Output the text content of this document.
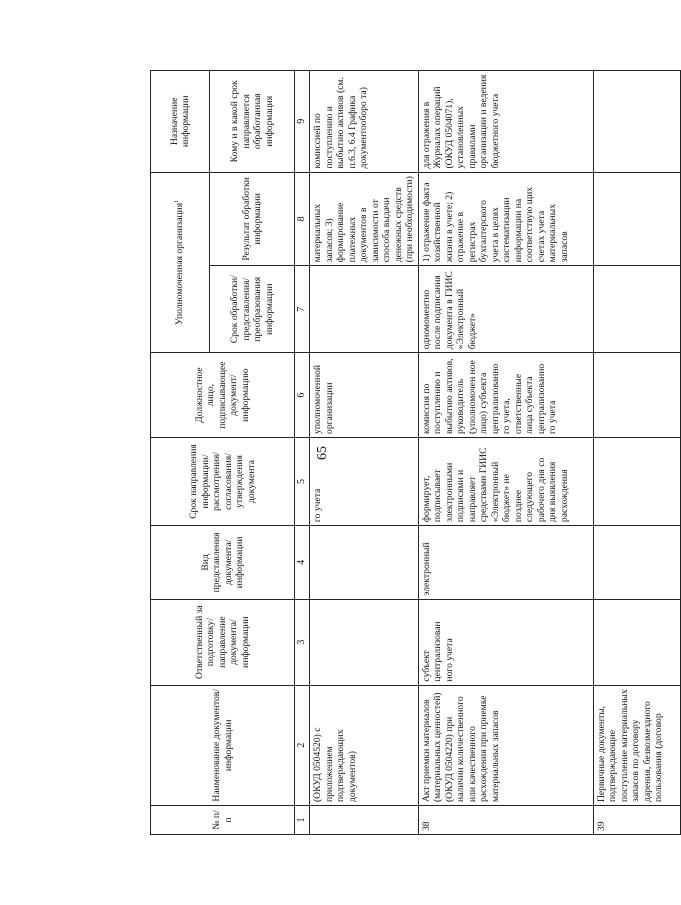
65
№ п/п	Наименование документов/ информации	Ответственный за подготовку/ направление документа/ информации	Вид представления документа/ информации	Срок направления информации/ рассмотрения/ согласования/ утверждения документа	Должностное лицо, подписывающее документ/ информацию	Уполномоченная организация$^1$		Назначение информации
						Срок обработки/ представления/ преобразования информации	Результат обработки информации	Кому и в какой срок направляется обработанная информация
1	2	3	4	5	6	7	8	9
	(ОКУД 0504520) с приложением подтверждающих документов)			го учета	уполномоченной организации		материальных запасов; 3) формирование платежных документов в зависимости от способа выдачи денежных средств (при необходимости)	комиссией по поступлению и выбытию активов (см. п.6.3, 6.4 Графика документооборо та)
38	Акт приемки материалов (материальных ценностей) (ОКУД 0504220) при наличии количественного или качественного расхождения при приемке материальных запасов	субъект централизован ного учета	электронный	формирует, подписывает электронными подписями и направляет средствами ГИИС «Электронный бюджет» не позднее следующего рабочего дня со дня выявления расхождения	комиссия по поступлению и выбытию активов, руководитель (уполномочен ное лицо) субъекта централизованно го учета, ответственные лица субъекта централизованно го учета	одномоментно после подписания документа в ГИИС «Электронный бюджет»	1) отражение факта хозяйственной жизни в учете; 2) отражение в регистрах бухгалтерского учета в целях систематизации информации на соответствую щих счетах учета материальных запасов	для отражения в Журналах операций (ОКУД 0504071), установленных правилами организации и ведения бюджетного учета
39	Первичные документы, подтверждающие поступление материальных запасов по договору дарения, безвозмездного пользования (договор							
